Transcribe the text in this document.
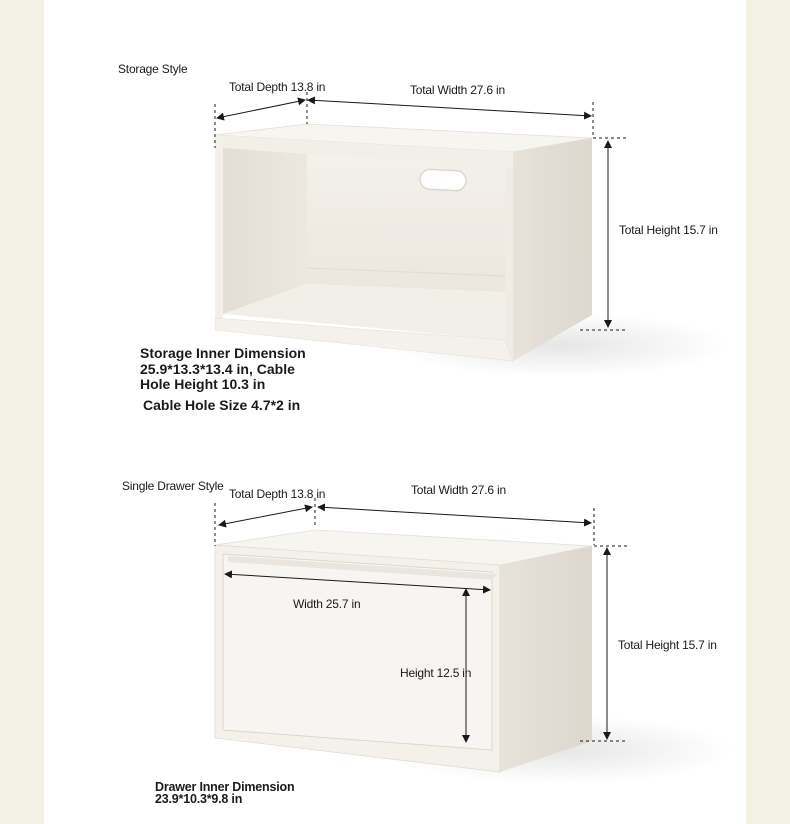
Storage Style
Total Depth 13.8 in	Total Width 27.6 in
Total Height 15.7 in
Storage Inner Dimension
25.9*13.3*13.4 in, Cable
Hole Height 10.3 in
Cable Hole Size 4.7*2 in
Single Drawer Style
Total Depth 13.8 in	Total Width 27.6 in
Total Height 15.7 in
Width 25.7 in
Height 12.5 in
Drawer Inner Dimension
23.9*10.3*9.8 in
